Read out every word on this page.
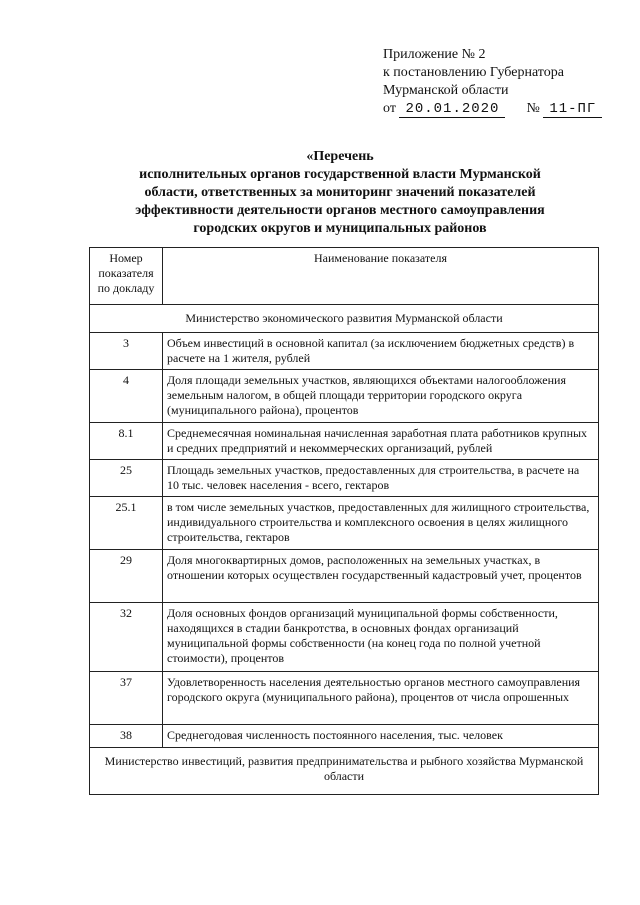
Приложение № 2
к постановлению Губернатора
Мурманской области
от 20.01.2020 № 11-ПГ
«Перечень
исполнительных органов государственной власти Мурманской
области, ответственных за мониторинг значений показателей
эффективности деятельности органов местного самоуправления
городских округов и муниципальных районов
Номер показателя по докладу	Наименование показателя
Министерство экономического развития Мурманской области	
3	Объем инвестиций в основной капитал (за исключением бюджетных средств) в расчете на 1 жителя, рублей
4	Доля площади земельных участков, являющихся объектами налогообложения земельным налогом, в общей площади территории городского округа (муниципального района), процентов
8.1	Среднемесячная номинальная начисленная заработная плата работников крупных и средних предприятий и некоммерческих организаций, рублей
25	Площадь земельных участков, предоставленных для строительства, в расчете на 10 тыс. человек населения - всего, гектаров
25.1	в том числе земельных участков, предоставленных для жилищного строительства, индивидуального строительства и комплексного освоения в целях жилищного строительства, гектаров
29	Доля многоквартирных домов, расположенных на земельных участках, в отношении которых осуществлен государственный кадастровый учет, процентов
32	Доля основных фондов организаций муниципальной формы собственности, находящихся в стадии банкротства, в основных фондах организаций муниципальной формы собственности (на конец года по полной учетной стоимости), процентов
37	Удовлетворенность населения деятельностью органов местного самоуправления городского округа (муниципального района), процентов от числа опрошенных
38	Среднегодовая численность постоянного населения, тыс. человек
Министерство инвестиций, развития предпринимательства и рыбного хозяйства Мурманской области	
